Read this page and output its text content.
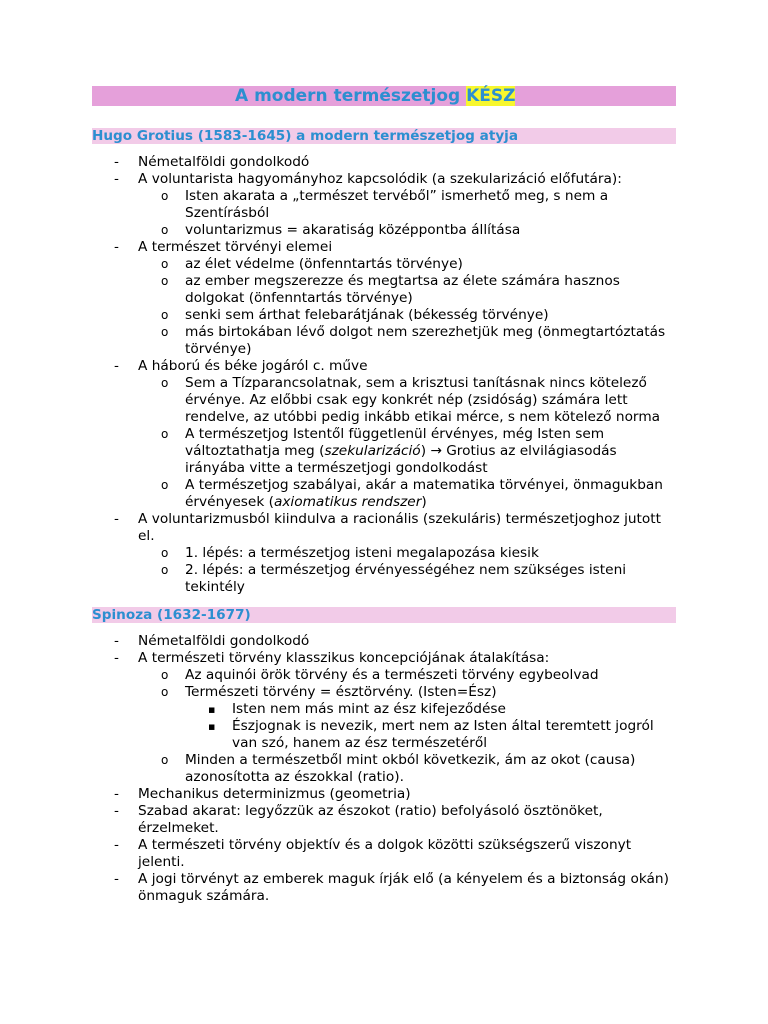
A modern természetjog KÉSZ
Hugo Grotius (1583-1645) a modern természetjog atyja
- Németalföldi gondolkodó
- A voluntarista hagyományhoz kapcsolódik (a szekularizáció előfutára):
o Isten akarata a „természet tervéből” ismerhető meg, s nem a Szentírásból
o voluntarizmus = akaratiság középpontba állítása
- A természet törvényi elemei
o az élet védelme (önfenntartás törvénye)
o az ember megszerezze és megtartsa az élete számára hasznos dolgokat (önfenntartás törvénye)
o senki sem árthat felebarátjának (békesség törvénye)
o más birtokában lévő dolgot nem szerezhetjük meg (önmegtartóztatás törvénye)
- A háború és béke jogáról c. műve
o Sem a Tízparancsolatnak, sem a krisztusi tanításnak nincs kötelező érvénye. Az előbbi csak egy konkrét nép (zsidóság) számára lett rendelve, az utóbbi pedig inkább etikai mérce, s nem kötelező norma
o A természetjog Istentől függetlenül érvényes, még Isten sem változtathatja meg (szekularizáció) → Grotius az elvilágiasodás irányába vitte a természetjogi gondolkodást
o A természetjog szabályai, akár a matematika törvényei, önmagukban érvényesek (axiomatikus rendszer)
- A voluntarizmusból kiindulva a racionális (szekuláris) természetjoghoz jutott el.
o 1. lépés: a természetjog isteni megalapozása kiesik
o 2. lépés: a természetjog érvényességéhez nem szükséges isteni tekintély
Spinoza (1632-1677)
- Németalföldi gondolkodó
- A természeti törvény klasszikus koncepciójának átalakítása:
o Az aquinói örök törvény és a természeti törvény egybeolvad
o Természeti törvény = észtörvény. (Isten=Ész)
▪ Isten nem más mint az ész kifejeződése
▪ Észjognak is nevezik, mert nem az Isten által teremtett jogról van szó, hanem az ész természetéről
o Minden a természetből mint okból következik, ám az okot (causa) azonosította az észokkal (ratio).
- Mechanikus determinizmus (geometria)
- Szabad akarat: legyőzzük az észokot (ratio) befolyásoló ösztönöket, érzelmeket.
- A természeti törvény objektív és a dolgok közötti szükségszerű viszonyt jelenti.
- A jogi törvényt az emberek maguk írják elő (a kényelem és a biztonság okán) önmaguk számára.
